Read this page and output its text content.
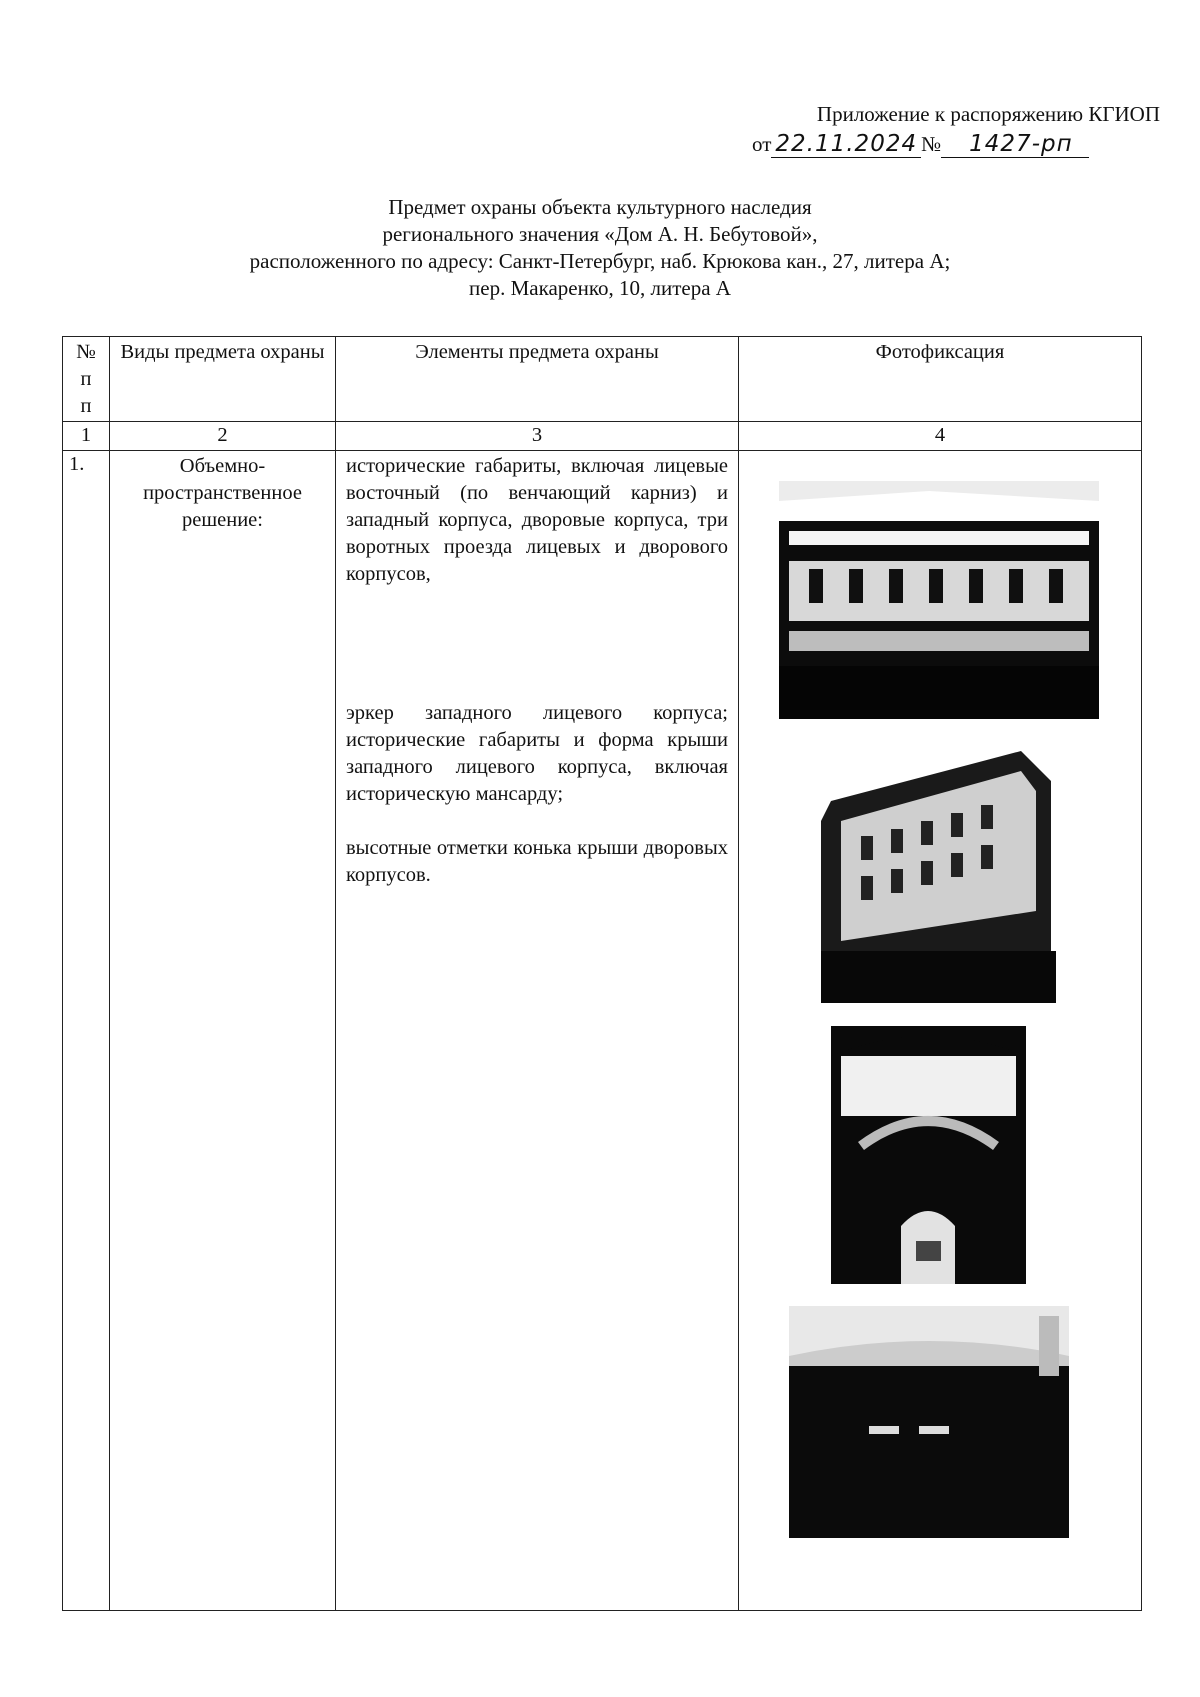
Приложение к распоряжению КГИОП
от 22.11.2024 № 1427-рп
Предмет охраны объекта культурного наследия
регионального значения «Дом А. Н. Бебутовой»,
расположенного по адресу: Санкт-Петербург, наб. Крюкова кан., 27, литера А;
пер. Макаренко, 10, литера А
№
п
п	Виды предмета охраны	Элементы предмета охраны	Фотофиксация
1	2	3	4
1.	Объемно-пространственное решение:	исторические габариты, включая лицевые восточный (по венчающий карниз) и западный корпуса, дворовые корпуса, три воротных проезда лицевых и дворового корпусов,

эркер западного лицевого корпуса; исторические габариты и форма крыши западного лицевого корпуса, включая историческую мансарду;

высотные отметки конька крыши дворовых корпусов.
